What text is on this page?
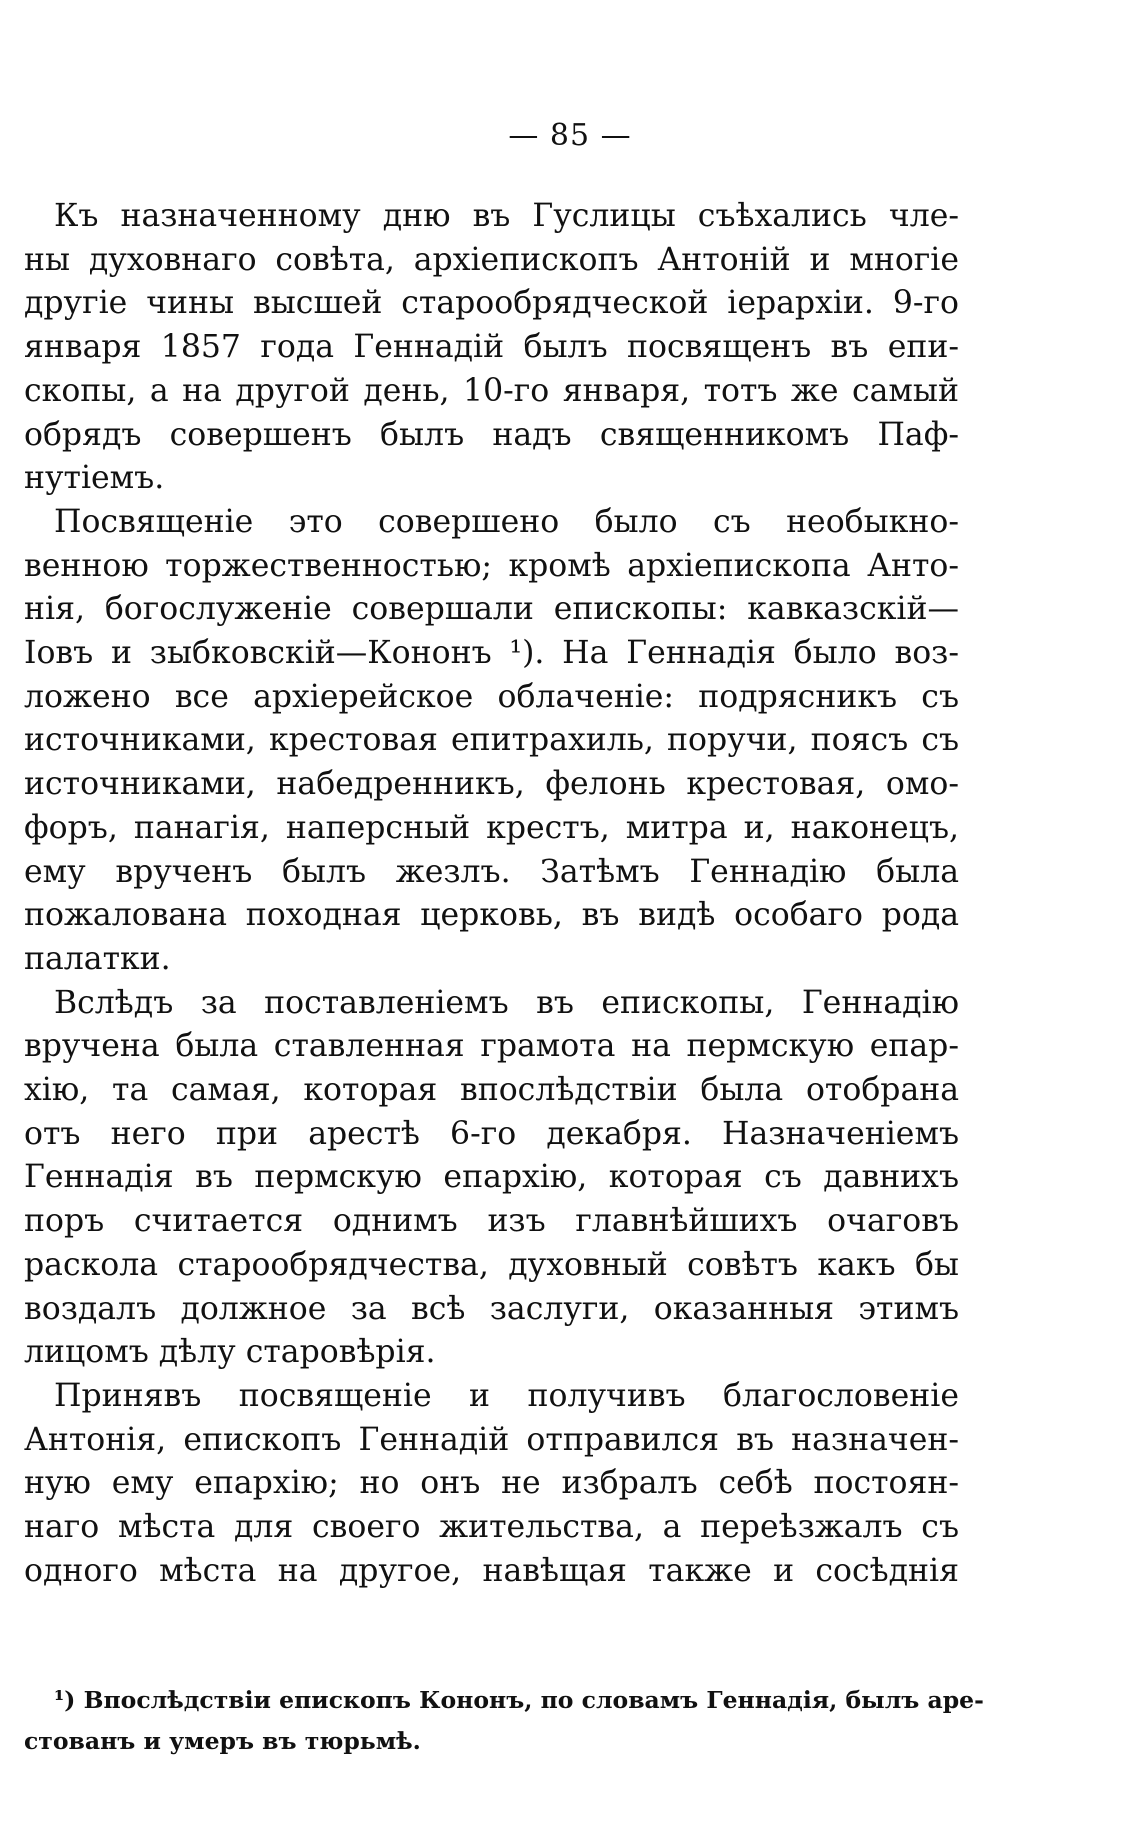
— 85 —
Къ назначенному дню въ Гуслицы съѣхались чле-
ны духовнаго совѣта, архіепископъ Антоній и многіе
другіе чины высшей старообрядческой іерархіи. 9-го
января 1857 года Геннадій былъ посвященъ въ епи-
скопы, а на другой день, 10-го января, тотъ же самый
обрядъ совершенъ былъ надъ священникомъ Паф-
нутіемъ.
Посвященіе это совершено было съ необыкно-
венною торжественностью; кромѣ архіепископа Анто-
нія, богослуженіе совершали епископы: кавказскій—
Іовъ и зыбковскій—Кононъ ¹). На Геннадія было воз-
ложено все архіерейское облаченіе: подрясникъ съ
источниками, крестовая епитрахиль, поручи, поясъ съ
источниками, набедренникъ, фелонь крестовая, омо-
форъ, панагія, наперсный крестъ, митра и, наконецъ,
ему врученъ былъ жезлъ. Затѣмъ Геннадію была
пожалована походная церковь, въ видѣ особаго рода
палатки.
Вслѣдъ за поставленіемъ въ епископы, Геннадію
вручена была ставленная грамота на пермскую епар-
хію, та самая, которая впослѣдствіи была отобрана
отъ него при арестѣ 6-го декабря. Назначеніемъ
Геннадія въ пермскую епархію, которая съ давнихъ
поръ считается однимъ изъ главнѣйшихъ очаговъ
раскола старообрядчества, духовный совѣтъ какъ бы
воздалъ должное за всѣ заслуги, оказанныя этимъ
лицомъ дѣлу старовѣрія.
Принявъ посвященіе и получивъ благословеніе
Антонія, епископъ Геннадій отправился въ назначен-
ную ему епархію; но онъ не избралъ себѣ постоян-
наго мѣста для своего жительства, а переѣзжалъ съ
одного мѣста на другое, навѣщая также и сосѣднія
¹) Впослѣдствіи епископъ Кононъ, по словамъ Геннадія, былъ аре-
стованъ и умеръ въ тюрьмѣ.
